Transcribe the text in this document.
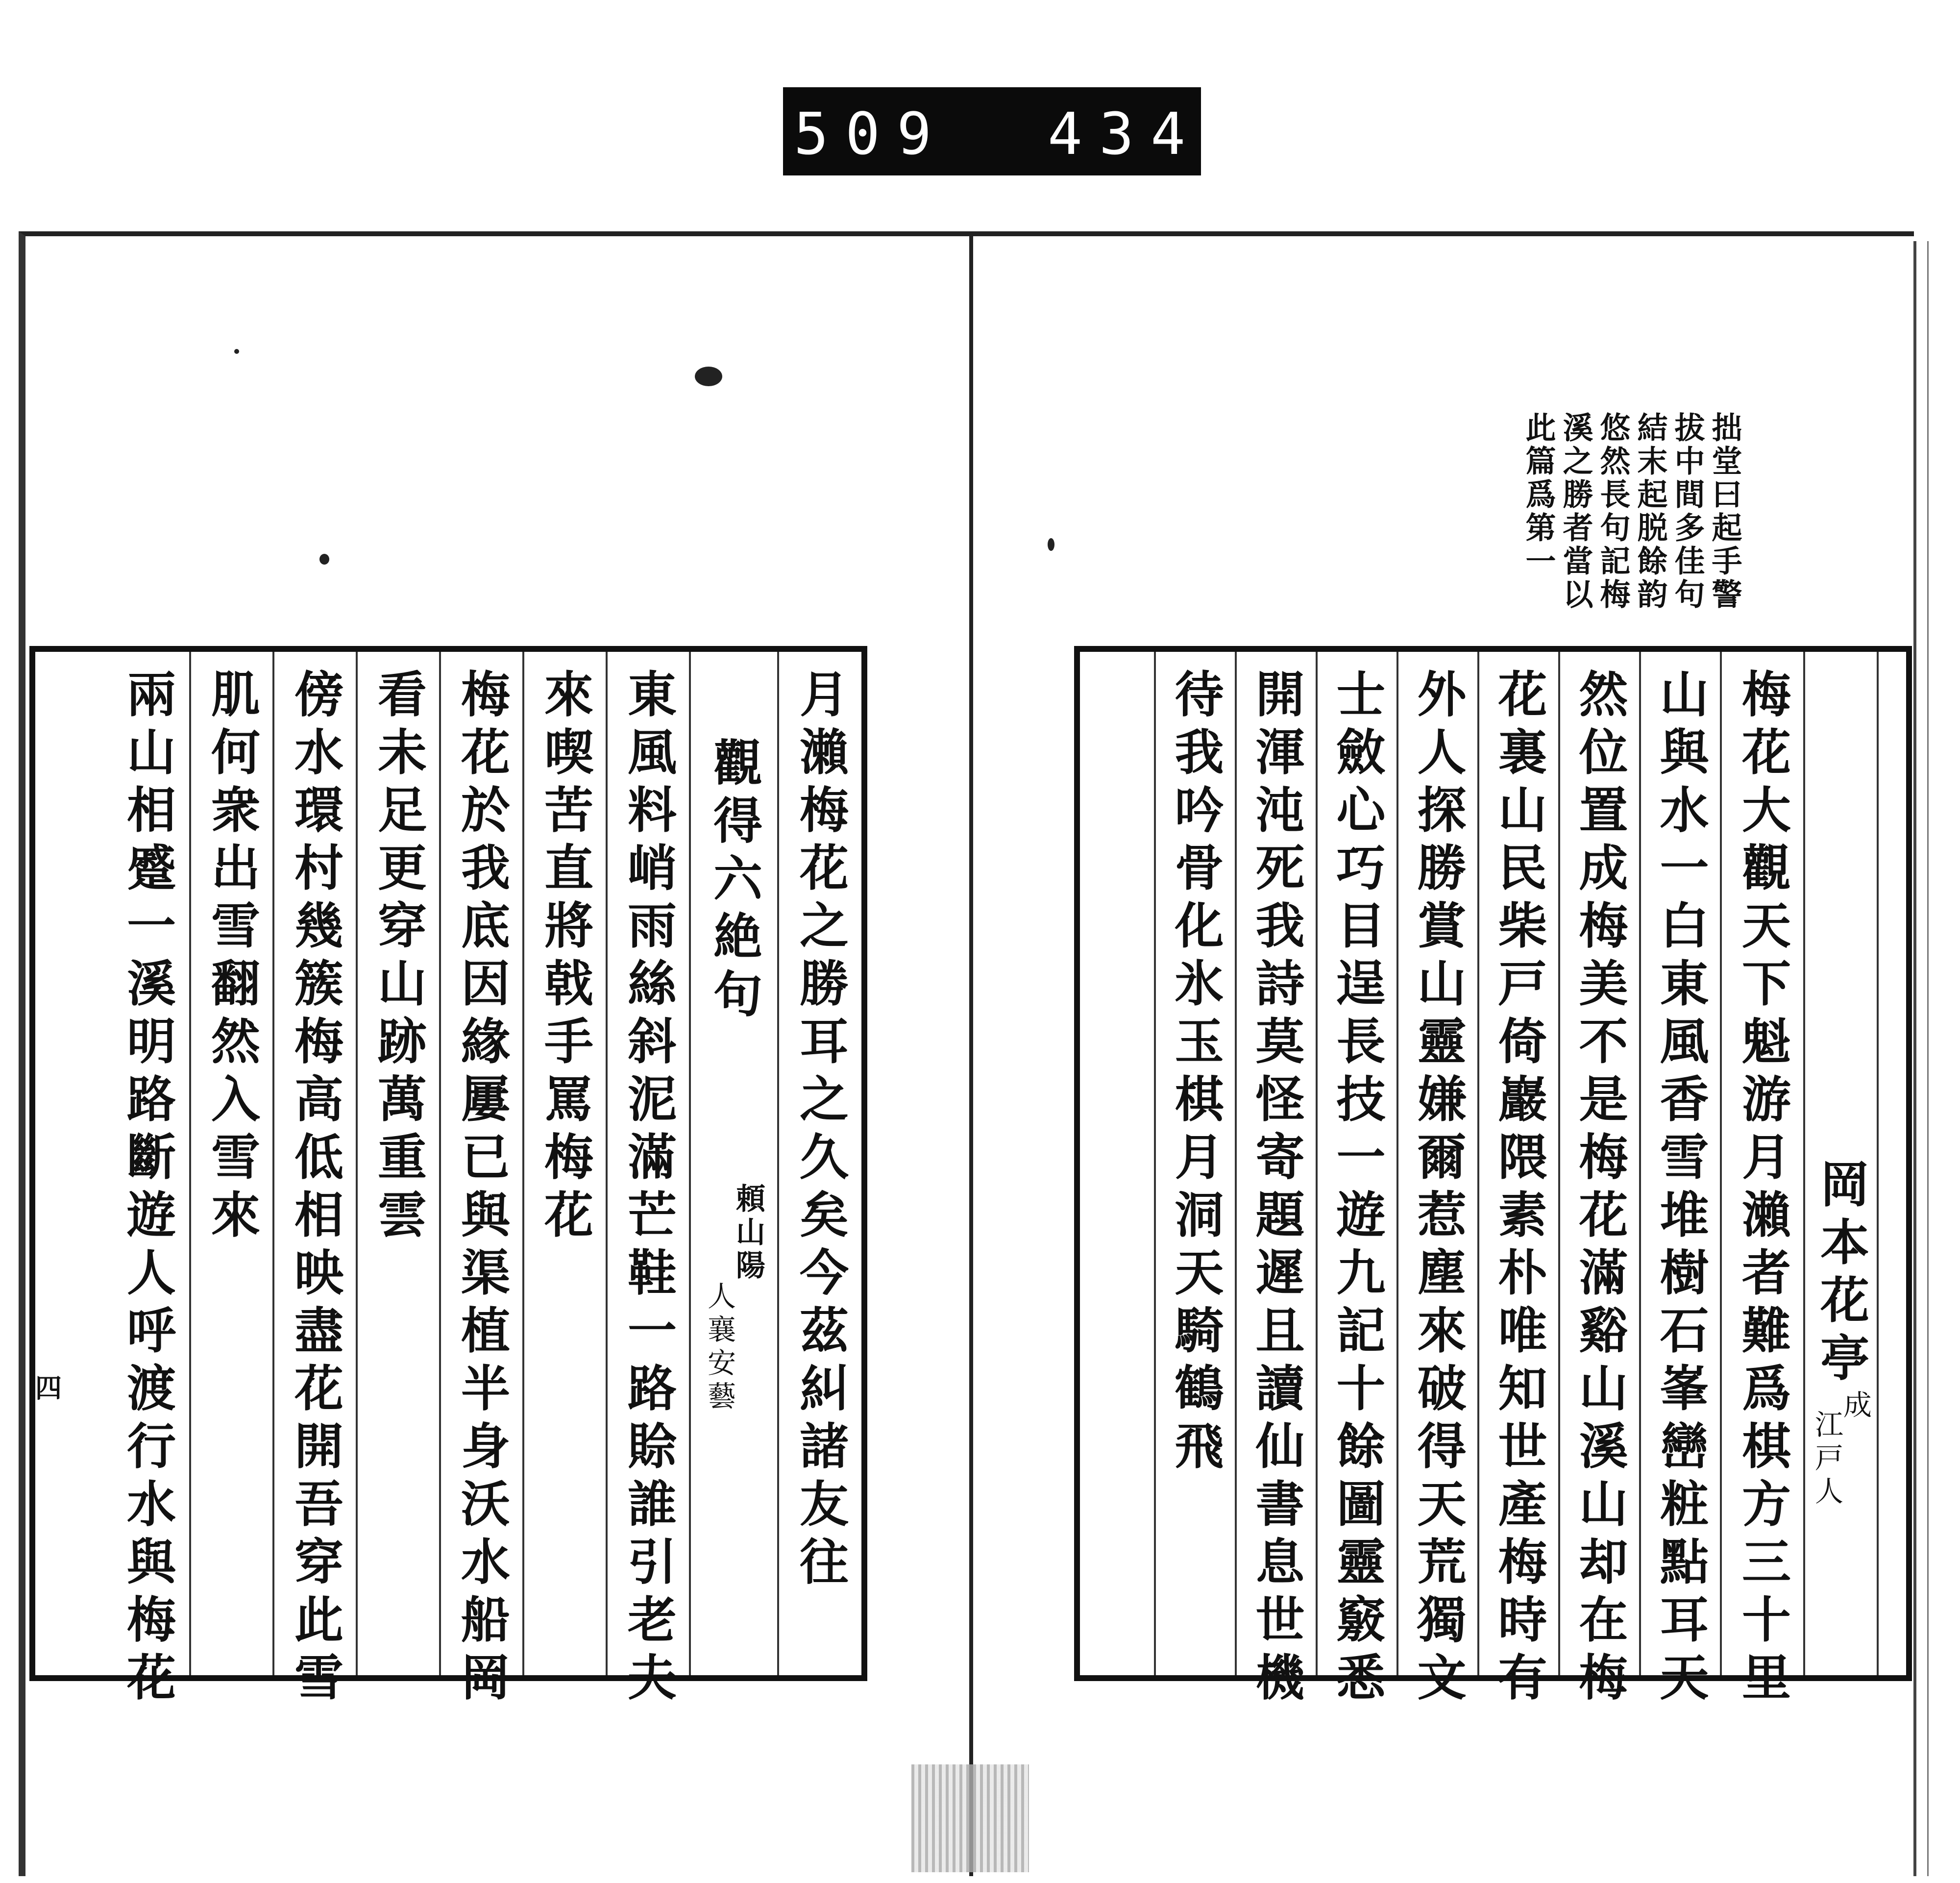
509 434.
拙堂曰起手警
拔中間多佳句
結末起脱餘韵
悠然長句記梅
溪之勝者當以
此篇爲第一
月瀨梅花之勝耳之久矣今茲糾諸友往
觀得六絶句
頼山陽
人襄安藝
東風料峭雨絲斜泥滿芒鞋一路賒誰引老夫
來喫苦直將戟手罵梅花
梅花於我底因緣屢已與渠植半身沃水船岡
看未足更穿山跡萬重雲
傍水環村幾簇梅高低相映盡花開吾穿此雪
肌何衆出雪翻然入雪來
兩山相蹙一溪明路斷遊人呼渡行水與梅花
四	岡本花亭
成
江戸人
梅花大觀天下魁游月瀨者難爲棋方三十里
山與水一白東風香雪堆樹石峯巒粧點耳天
然位置成梅美不是梅花滿谿山溪山却在梅
花裏山民柴戸倚巖隈素朴唯知世產梅時有
外人探勝賞山靈嫌爾惹塵來破得天荒獨文
士斂心巧目逞長技一遊九記十餘圖靈竅悉
開渾沌死我詩莫怪寄題遲且讀仙書息世機
待我吟骨化氷玉棋月洞天騎鶴飛
